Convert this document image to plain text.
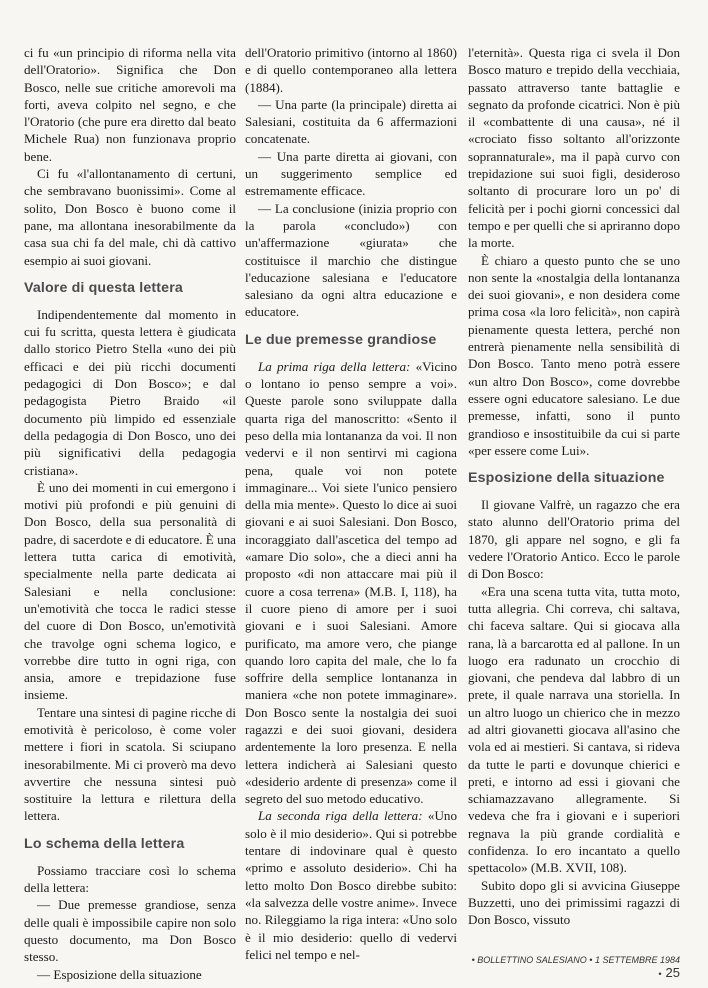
ci fu «un principio di riforma nella vita dell'Oratorio». Significa che Don Bosco, nelle sue critiche amorevoli ma forti, aveva colpito nel segno, e che l'Oratorio (che pure era diretto dal beato Michele Rua) non funzionava proprio bene.

Ci fu «l'allontanamento di certuni, che sembravano buonissimi». Come al solito, Don Bosco è buono come il pane, ma allontana inesorabilmente da casa sua chi fa del male, chi dà cattivo esempio ai suoi giovani.

Valore di questa lettera

Indipendentemente dal momento in cui fu scritta, questa lettera è giudicata dallo storico Pietro Stella «uno dei più efficaci e dei più ricchi documenti pedagogici di Don Bosco»; e dal pedagogista Pietro Braido «il documento più limpido ed essenziale della pedagogia di Don Bosco, uno dei più significativi della pedagogia cristiana».

È uno dei momenti in cui emergono i motivi più profondi e più genuini di Don Bosco, della sua personalità di padre, di sacerdote e di educatore. È una lettera tutta carica di emotività, specialmente nella parte dedicata ai Salesiani e nella conclusione: un'emotività che tocca le radici stesse del cuore di Don Bosco, un'emotività che travolge ogni schema logico, e vorrebbe dire tutto in ogni riga, con ansia, amore e trepidazione fuse insieme.

Tentare una sintesi di pagine ricche di emotività è pericoloso, è come voler mettere i fiori in scatola. Si sciupano inesorabilmente. Mi ci proverò ma devo avvertire che nessuna sintesi può sostituire la lettura e rilettura della lettera.

Lo schema della lettera

Possiamo tracciare così lo schema della lettera:

— Due premesse grandiose, senza delle quali è impossibile capire non solo questo documento, ma Don Bosco stesso.

— Esposizione della situazione

dell'Oratorio primitivo (intorno al 1860) e di quello contemporaneo alla lettera (1884).

— Una parte (la principale) diretta ai Salesiani, costituita da 6 affermazioni concatenate.

— Una parte diretta ai giovani, con un suggerimento semplice ed estremamente efficace.

— La conclusione (inizia proprio con la parola «concludo») con un'affermazione «giurata» che costituisce il marchio che distingue l'educazione salesiana e l'educatore salesiano da ogni altra educazione e educatore.

Le due premesse grandiose

La prima riga della lettera: «Vicino o lontano io penso sempre a voi». Queste parole sono sviluppate dalla quarta riga del manoscritto: «Sento il peso della mia lontananza da voi. Il non vedervi e il non sentirvi mi cagiona pena, quale voi non potete immaginare... Voi siete l'unico pensiero della mia mente». Questo lo dice ai suoi giovani e ai suoi Salesiani. Don Bosco, incoraggiato dall'ascetica del tempo ad «amare Dio solo», che a dieci anni ha proposto «di non attaccare mai più il cuore a cosa terrena» (M.B. I, 118), ha il cuore pieno di amore per i suoi giovani e i suoi Salesiani. Amore purificato, ma amore vero, che piange quando loro capita del male, che lo fa soffrire della semplice lontananza in maniera «che non potete immaginare». Don Bosco sente la nostalgia dei suoi ragazzi e dei suoi giovani, desidera ardentemente la loro presenza. E nella lettera indicherà ai Salesiani questo «desiderio ardente di presenza» come il segreto del suo metodo educativo.

La seconda riga della lettera: «Uno solo è il mio desiderio». Qui si potrebbe tentare di indovinare qual è questo «primo e assoluto desiderio». Chi ha letto molto Don Bosco direbbe subito: «la salvezza delle vostre anime». Invece no. Rileggiamo la riga intera: «Uno solo è il mio desiderio: quello di vedervi felici nel tempo e nel-

l'eternità». Questa riga ci svela il Don Bosco maturo e trepido della vecchiaia, passato attraverso tante battaglie e segnato da profonde cicatrici. Non è più il «combattente di una causa», né il «crociato fisso soltanto all'orizzonte soprannaturale», ma il papà curvo con trepidazione sui suoi figli, desideroso soltanto di procurare loro un po' di felicità per i pochi giorni concessici dal tempo e per quelli che si apriranno dopo la morte.

È chiaro a questo punto che se uno non sente la «nostalgia della lontananza dei suoi giovani», e non desidera come prima cosa «la loro felicità», non capirà pienamente questa lettera, perché non entrerà pienamente nella sensibilità di Don Bosco. Tanto meno potrà essere «un altro Don Bosco», come dovrebbe essere ogni educatore salesiano. Le due premesse, infatti, sono il punto grandioso e insostituibile da cui si parte «per essere come Lui».

Esposizione della situazione

Il giovane Valfrè, un ragazzo che era stato alunno dell'Oratorio prima del 1870, gli appare nel sogno, e gli fa vedere l'Oratorio Antico. Ecco le parole di Don Bosco:

«Era una scena tutta vita, tutta moto, tutta allegria. Chi correva, chi saltava, chi faceva saltare. Qui si giocava alla rana, là a barcarotta ed al pallone. In un luogo era radunato un crocchio di giovani, che pendeva dal labbro di un prete, il quale narrava una storiella. In un altro luogo un chierico che in mezzo ad altri giovanetti giocava all'asino che vola ed ai mestieri. Si cantava, si rideva da tutte le parti e dovunque chierici e preti, e intorno ad essi i giovani che schiamazzavano allegramente. Si vedeva che fra i giovani e i superiori regnava la più grande cordialità e confidenza. Io ero incantato a quello spettacolo» (M.B. XVII, 108).

Subito dopo gli si avvicina Giuseppe Buzzetti, uno dei primissimi ragazzi di Don Bosco, vissuto

• BOLLETTINO SALESIANO • 1 SETTEMBRE 1984 • 25
